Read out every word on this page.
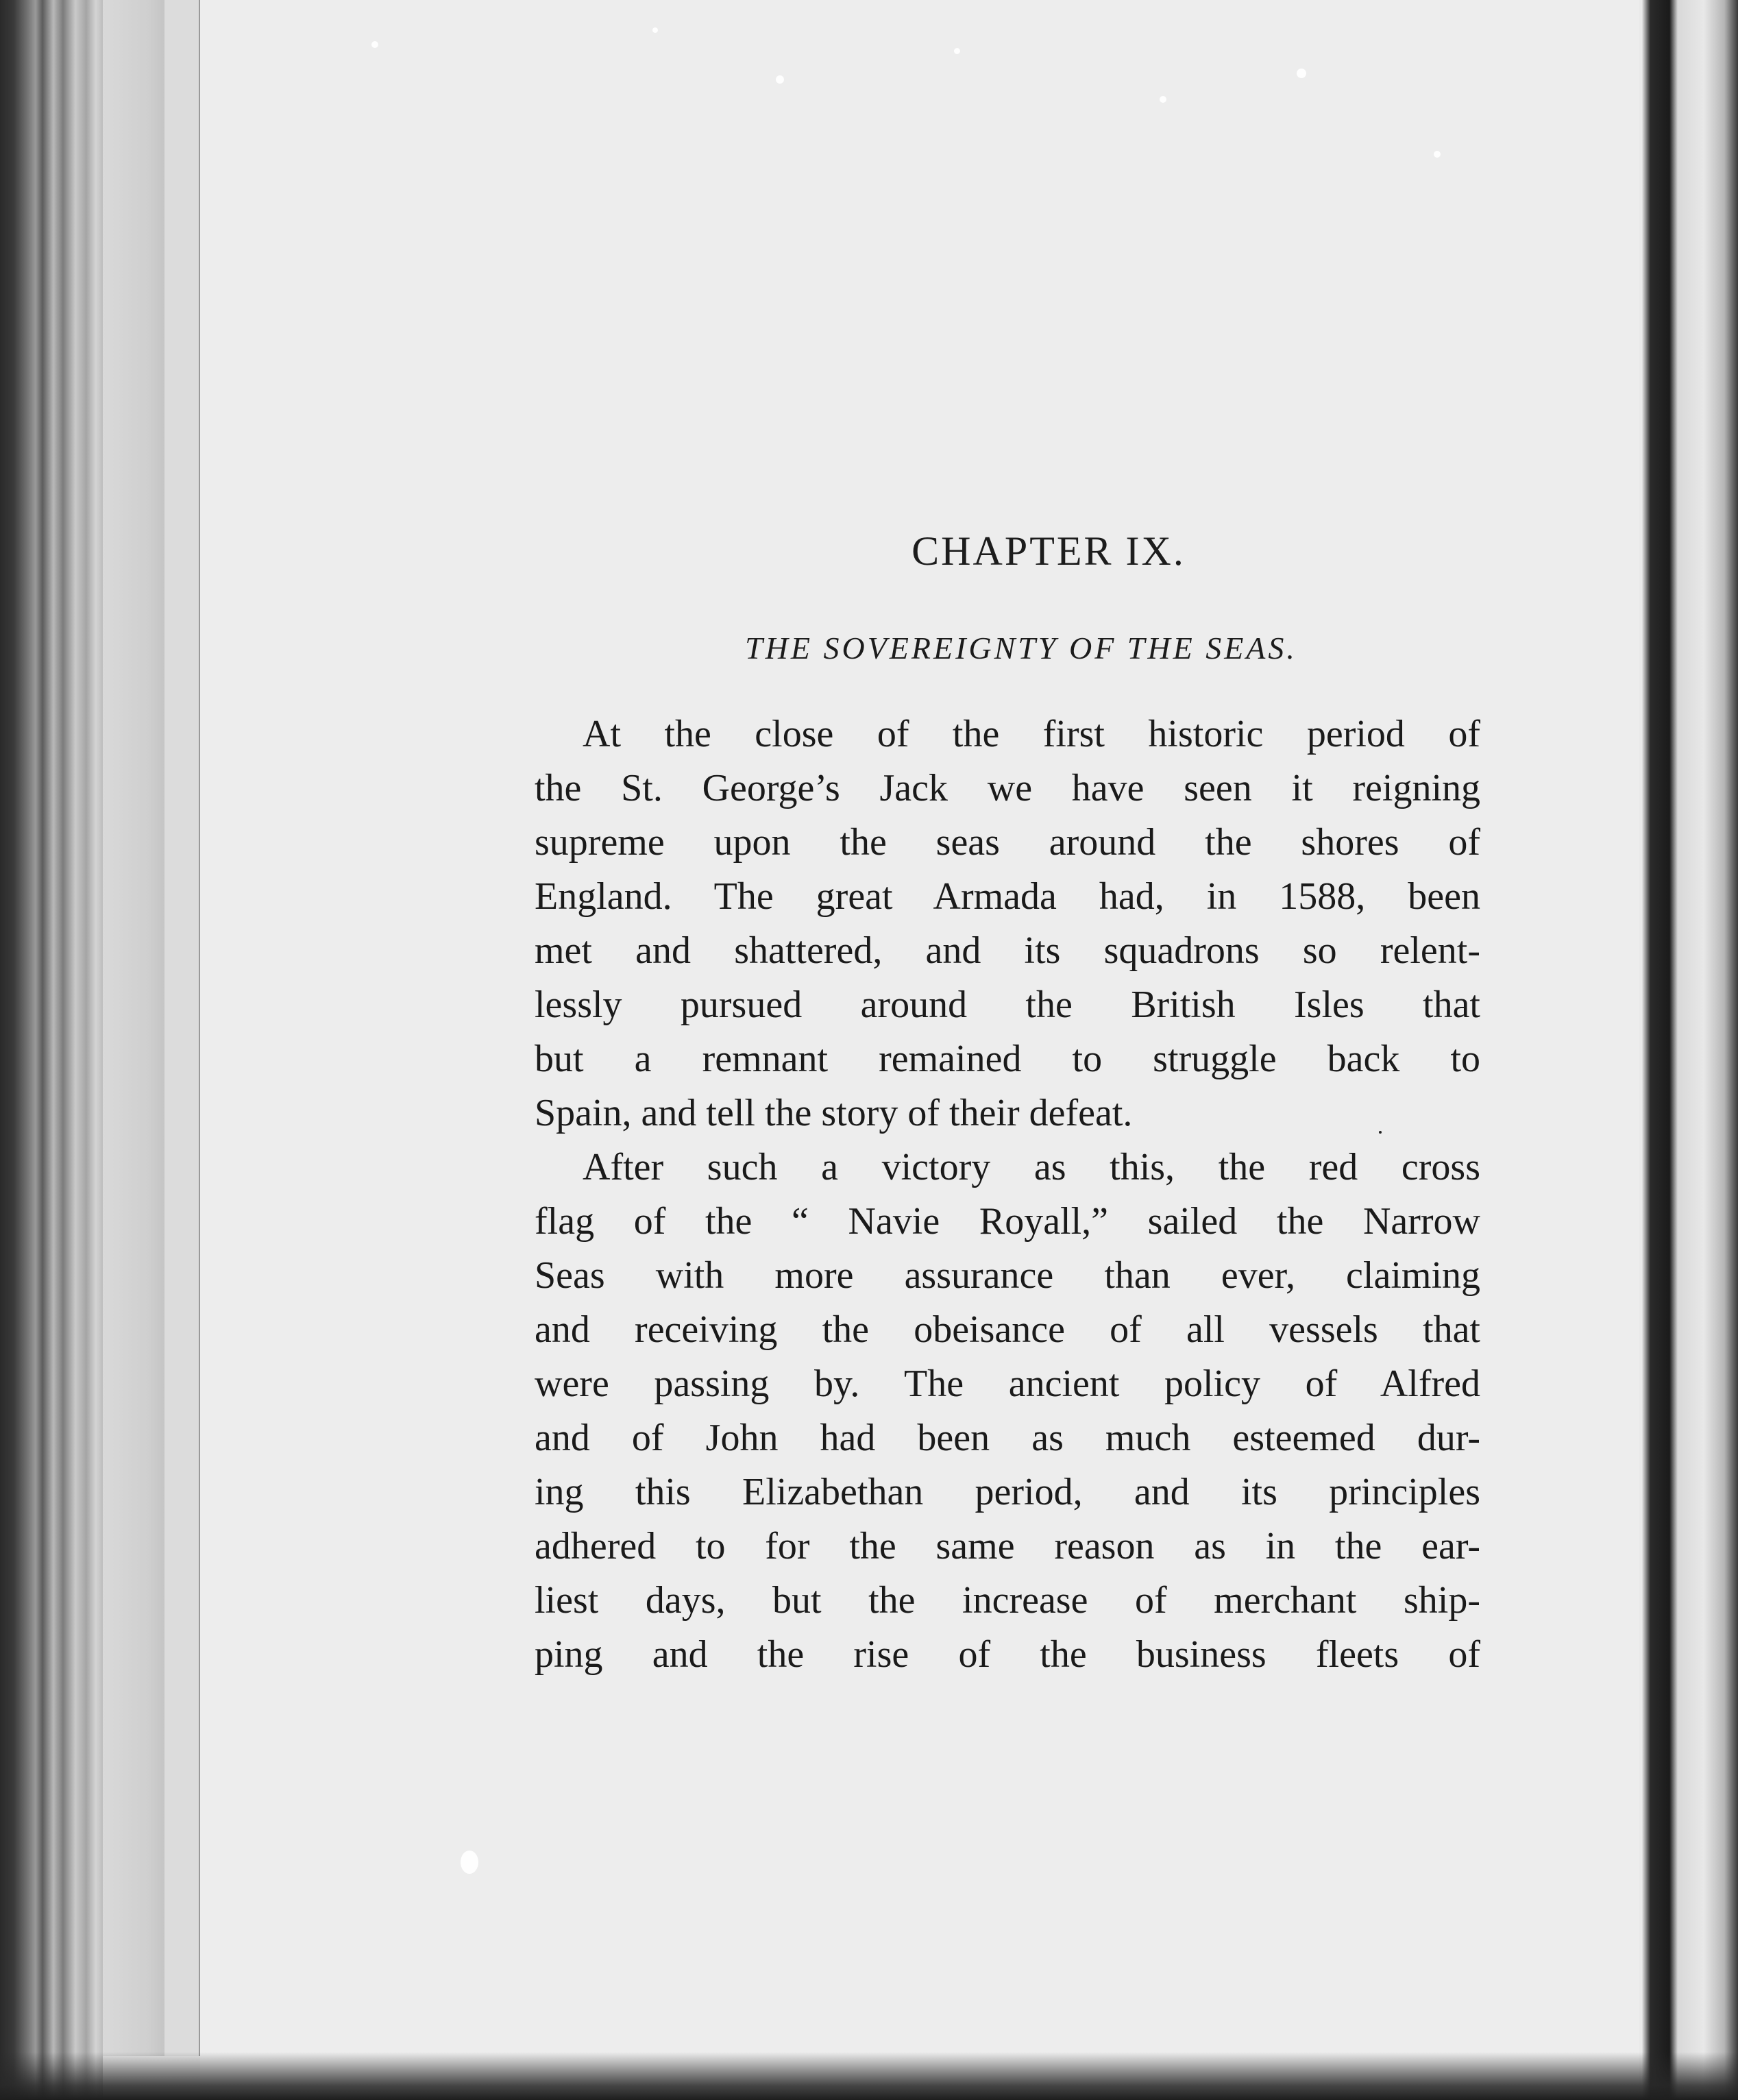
CHAPTER IX.
THE SOVEREIGNTY OF THE SEAS.
At the close of the first historic period of
the St. George’s Jack we have seen it reigning
supreme upon the seas around the shores of
England. The great Armada had, in 1588, been
met and shattered, and its squadrons so relent-
lessly pursued around the British Isles that
but a remnant remained to struggle back to
Spain, and tell the story of their defeat.
After such a victory as this, the red cross
flag of the “ Navie Royall,” sailed the Narrow
Seas with more assurance than ever, claiming
and receiving the obeisance of all vessels that
were passing by. The ancient policy of Alfred
and of John had been as much esteemed dur-
ing this Elizabethan period, and its principles
adhered to for the same reason as in the ear-
liest days, but the increase of merchant ship-
ping and the rise of the business fleets of
